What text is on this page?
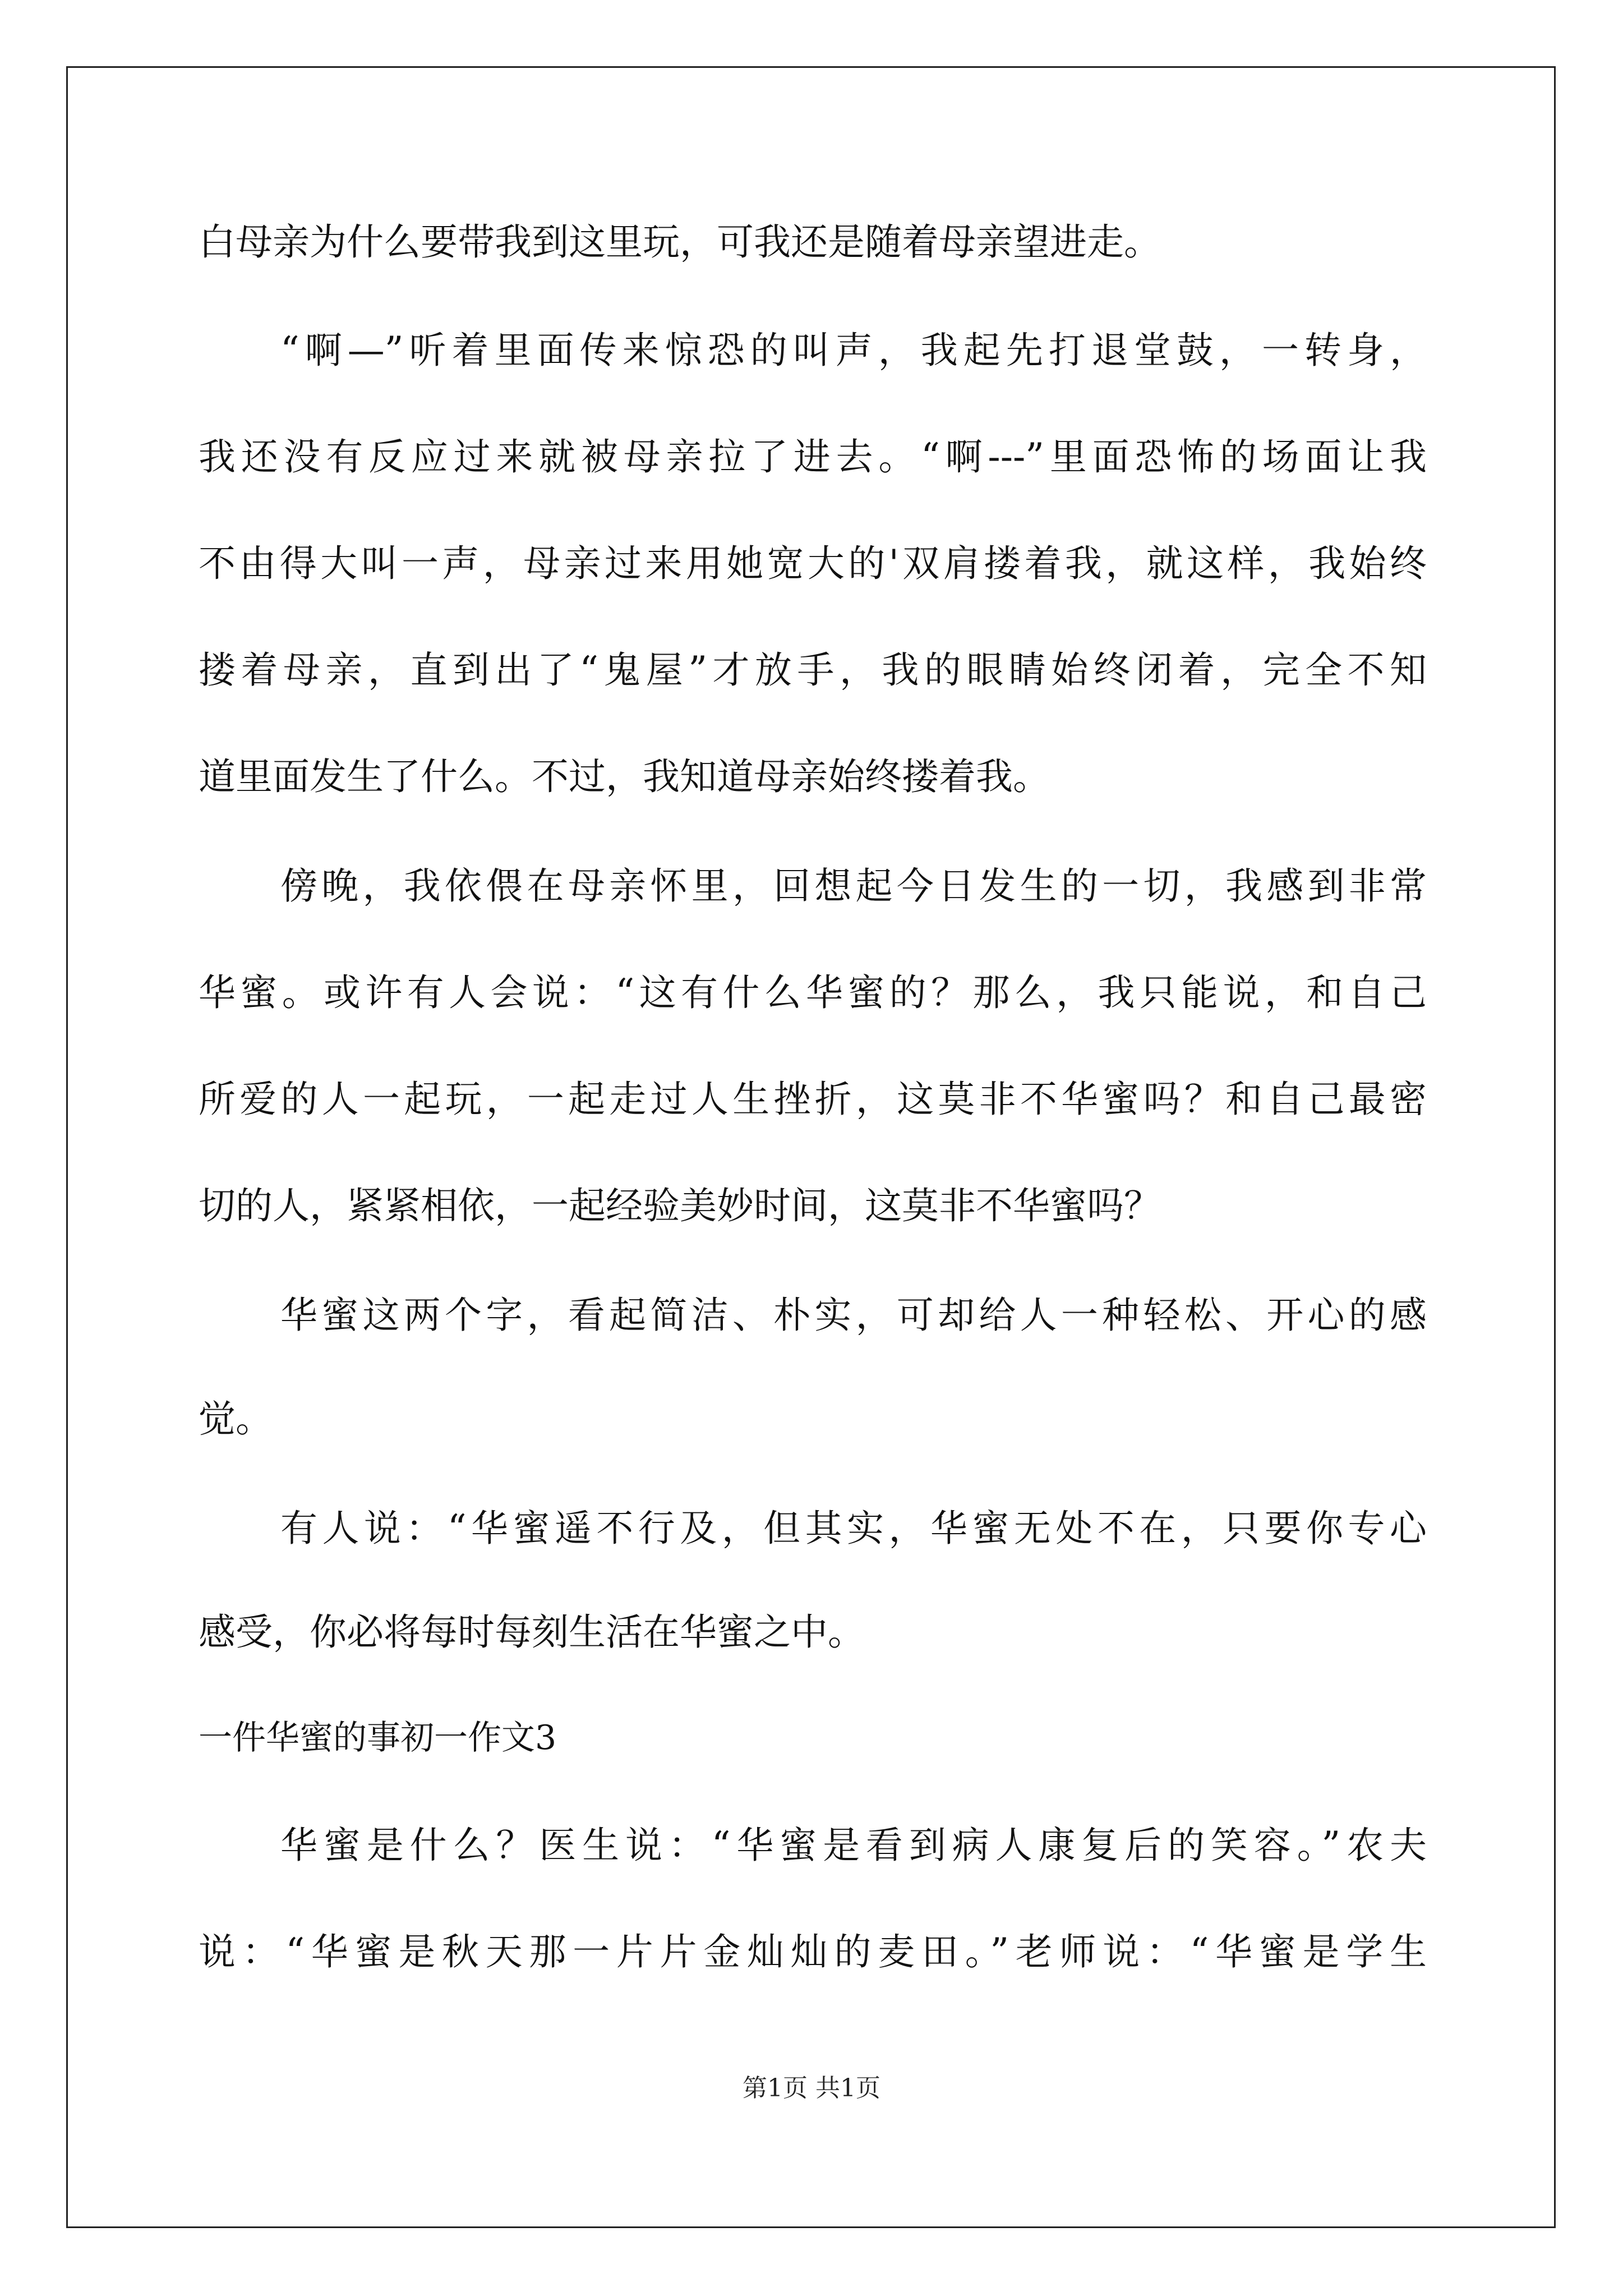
白母亲为什么要带我到这里玩，可我还是随着母亲望进走。
“啊—”听着里面传来惊恐的叫声，我起先打退堂鼓，一转身，
我还没有反应过来就被母亲拉了进去。“啊---”里面恐怖的场面让我
不由得大叫一声，母亲过来用她宽大的'双肩搂着我，就这样，我始终
搂着母亲，直到出了“鬼屋”才放手，我的眼睛始终闭着，完全不知
道里面发生了什么。不过，我知道母亲始终搂着我。
傍晚，我依偎在母亲怀里，回想起今日发生的一切，我感到非常
华蜜。或许有人会说：“这有什么华蜜的？那么，我只能说，和自己
所爱的人一起玩，一起走过人生挫折，这莫非不华蜜吗？和自己最密
切的人，紧紧相依，一起经验美妙时间，这莫非不华蜜吗？
华蜜这两个字，看起简洁、朴实，可却给人一种轻松、开心的感
觉。
有人说：“华蜜遥不行及，但其实，华蜜无处不在，只要你专心
感受，你必将每时每刻生活在华蜜之中。
一件华蜜的事初一作文3
华蜜是什么？医生说：“华蜜是看到病人康复后的笑容。”农夫
说：“华蜜是秋天那一片片金灿灿的麦田。”老师说：“华蜜是学生
第1页 共1页
